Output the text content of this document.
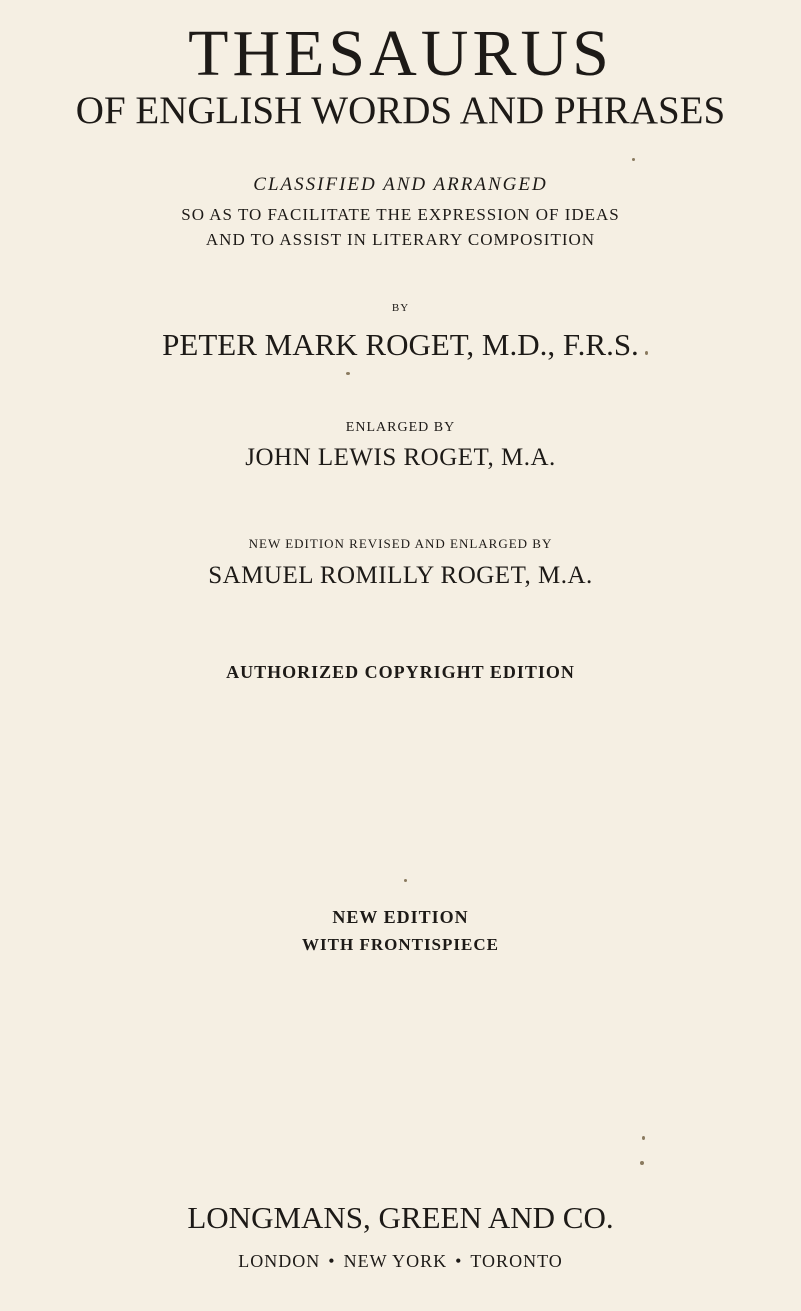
THESAURUS
OF ENGLISH WORDS AND PHRASES
CLASSIFIED AND ARRANGED
SO AS TO FACILITATE THE EXPRESSION OF IDEAS
AND TO ASSIST IN LITERARY COMPOSITION
BY
PETER MARK ROGET, M.D., F.R.S.
ENLARGED BY
JOHN LEWIS ROGET, M.A.
NEW EDITION REVISED AND ENLARGED BY
SAMUEL ROMILLY ROGET, M.A.
AUTHORIZED COPYRIGHT EDITION
NEW EDITION
WITH FRONTISPIECE
LONGMANS, GREEN AND CO.
LONDON • NEW YORK • TORONTO
